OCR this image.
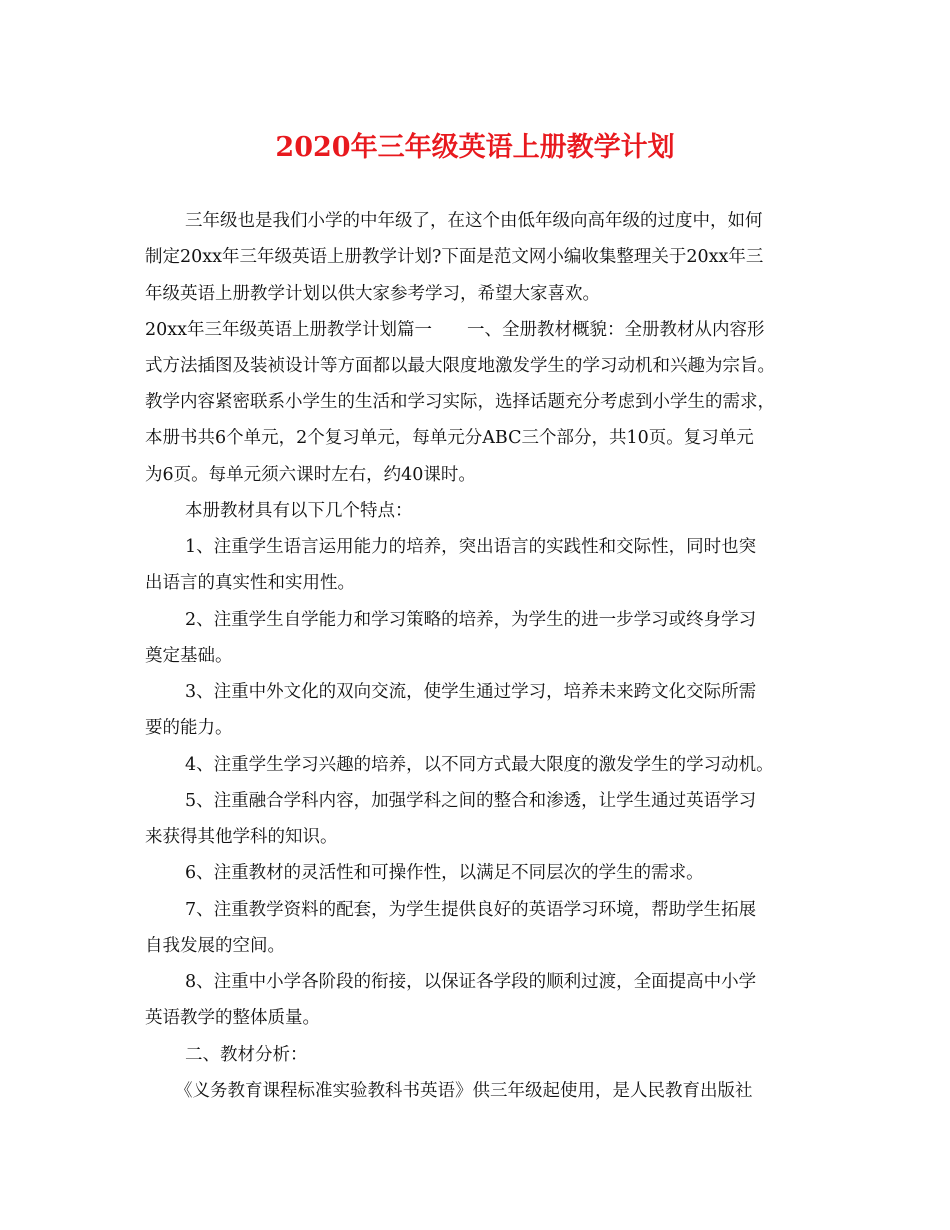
2020年三年级英语上册教学计划
三年级也是我们小学的中年级了，在这个由低年级向高年级的过度中，如何
制定20xx年三年级英语上册教学计划?下面是范文网小编收集整理关于20xx年三
年级英语上册教学计划以供大家参考学习，希望大家喜欢。
20xx年三年级英语上册教学计划篇一　　一、全册教材概貌：全册教材从内容形
式方法插图及装祯设计等方面都以最大限度地激发学生的学习动机和兴趣为宗旨。
教学内容紧密联系小学生的生活和学习实际，选择话题充分考虑到小学生的需求，
本册书共6个单元，2个复习单元，每单元分ABC三个部分，共10页。复习单元
为6页。每单元须六课时左右，约40课时。
本册教材具有以下几个特点：
1、注重学生语言运用能力的培养，突出语言的实践性和交际性，同时也突
出语言的真实性和实用性。
2、注重学生自学能力和学习策略的培养，为学生的进一步学习或终身学习
奠定基础。
3、注重中外文化的双向交流，使学生通过学习，培养未来跨文化交际所需
要的能力。
4、注重学生学习兴趣的培养，以不同方式最大限度的激发学生的学习动机。
5、注重融合学科内容，加强学科之间的整合和渗透，让学生通过英语学习
来获得其他学科的知识。
6、注重教材的灵活性和可操作性，以满足不同层次的学生的需求。
7、注重教学资料的配套，为学生提供良好的英语学习环境，帮助学生拓展
自我发展的空间。
8、注重中小学各阶段的衔接，以保证各学段的顺利过渡，全面提高中小学
英语教学的整体质量。
二、教材分析：
《义务教育课程标准实验教科书英语》供三年级起使用，是人民教育出版社
